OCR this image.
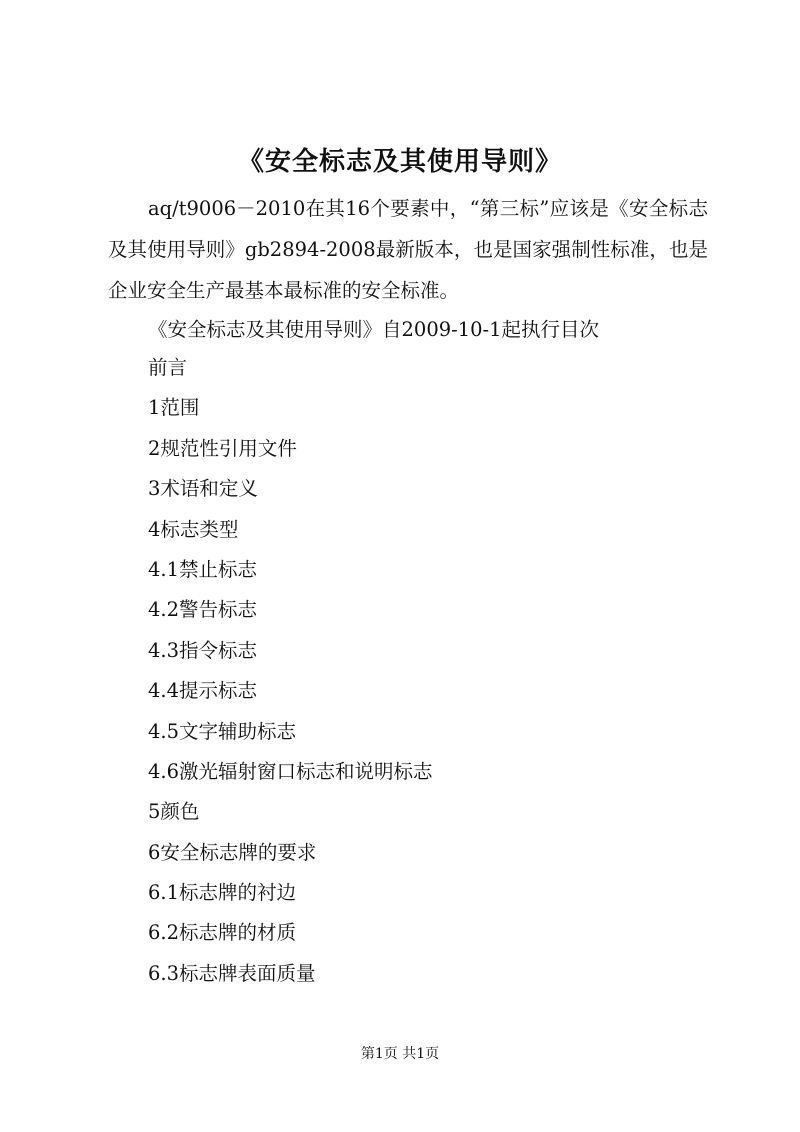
《安全标志及其使用导则》

aq/t9006－2010在其16个要素中，“第三标”应该是《安全标志及其使用导则》gb2894-2008最新版本，也是国家强制性标准，也是企业安全生产最基本最标准的安全标准。

《安全标志及其使用导则》自2009-10-1起执行目次
前言
1范围
2规范性引用文件
3术语和定义
4标志类型
4.1禁止标志
4.2警告标志
4.3指令标志
4.4提示标志
4.5文字辅助标志
4.6激光辐射窗口标志和说明标志
5颜色
6安全标志牌的要求
6.1标志牌的衬边
6.2标志牌的材质
6.3标志牌表面质量
第1页 共1页
